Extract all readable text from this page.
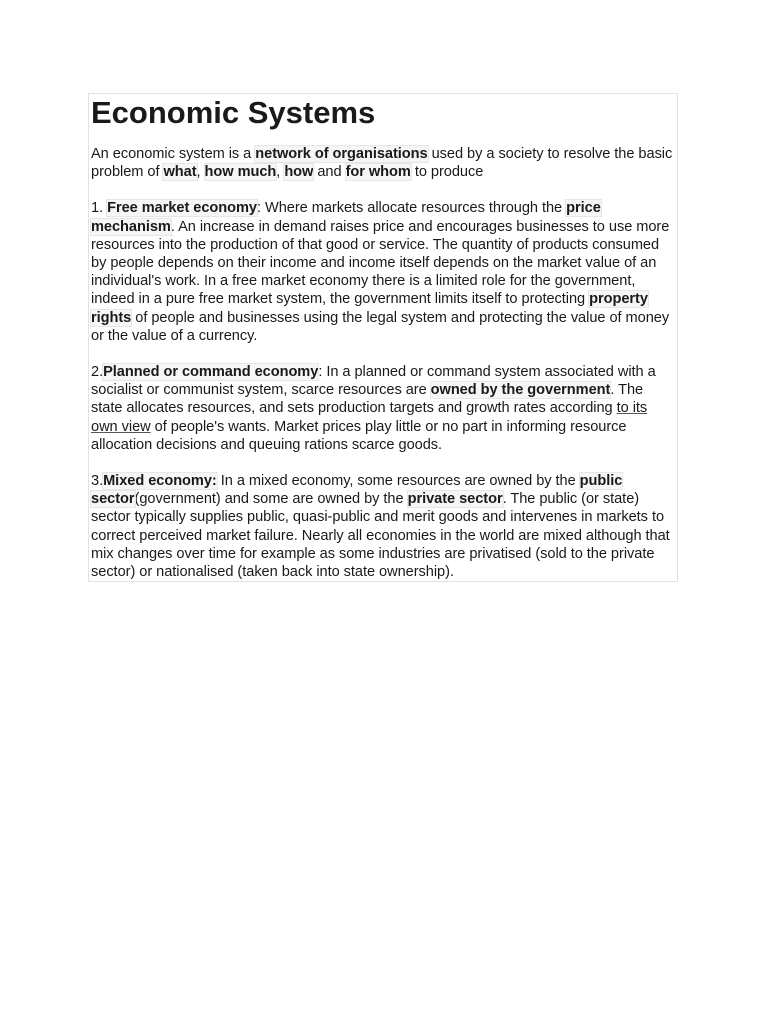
Economic Systems

An economic system is a network of organisations used by a society to resolve the basic problem of what, how much, how and for whom to produce

1. Free market economy: Where markets allocate resources through the price mechanism. An increase in demand raises price and encourages businesses to use more resources into the production of that good or service. The quantity of products consumed by people depends on their income and income itself depends on the market value of an individual's work. In a free market economy there is a limited role for the government, indeed in a pure free market system, the government limits itself to protecting property rights of people and businesses using the legal system and protecting the value of money or the value of a currency.

2.Planned or command economy: In a planned or command system associated with a socialist or communist system, scarce resources are owned by the government. The state allocates resources, and sets production targets and growth rates according to its own view of people's wants. Market prices play little or no part in informing resource allocation decisions and queuing rations scarce goods.

3.Mixed economy: In a mixed economy, some resources are owned by the public sector(government) and some are owned by the private sector. The public (or state) sector typically supplies public, quasi-public and merit goods and intervenes in markets to correct perceived market failure. Nearly all economies in the world are mixed although that mix changes over time for example as some industries are privatised (sold to the private sector) or nationalised (taken back into state ownership).
